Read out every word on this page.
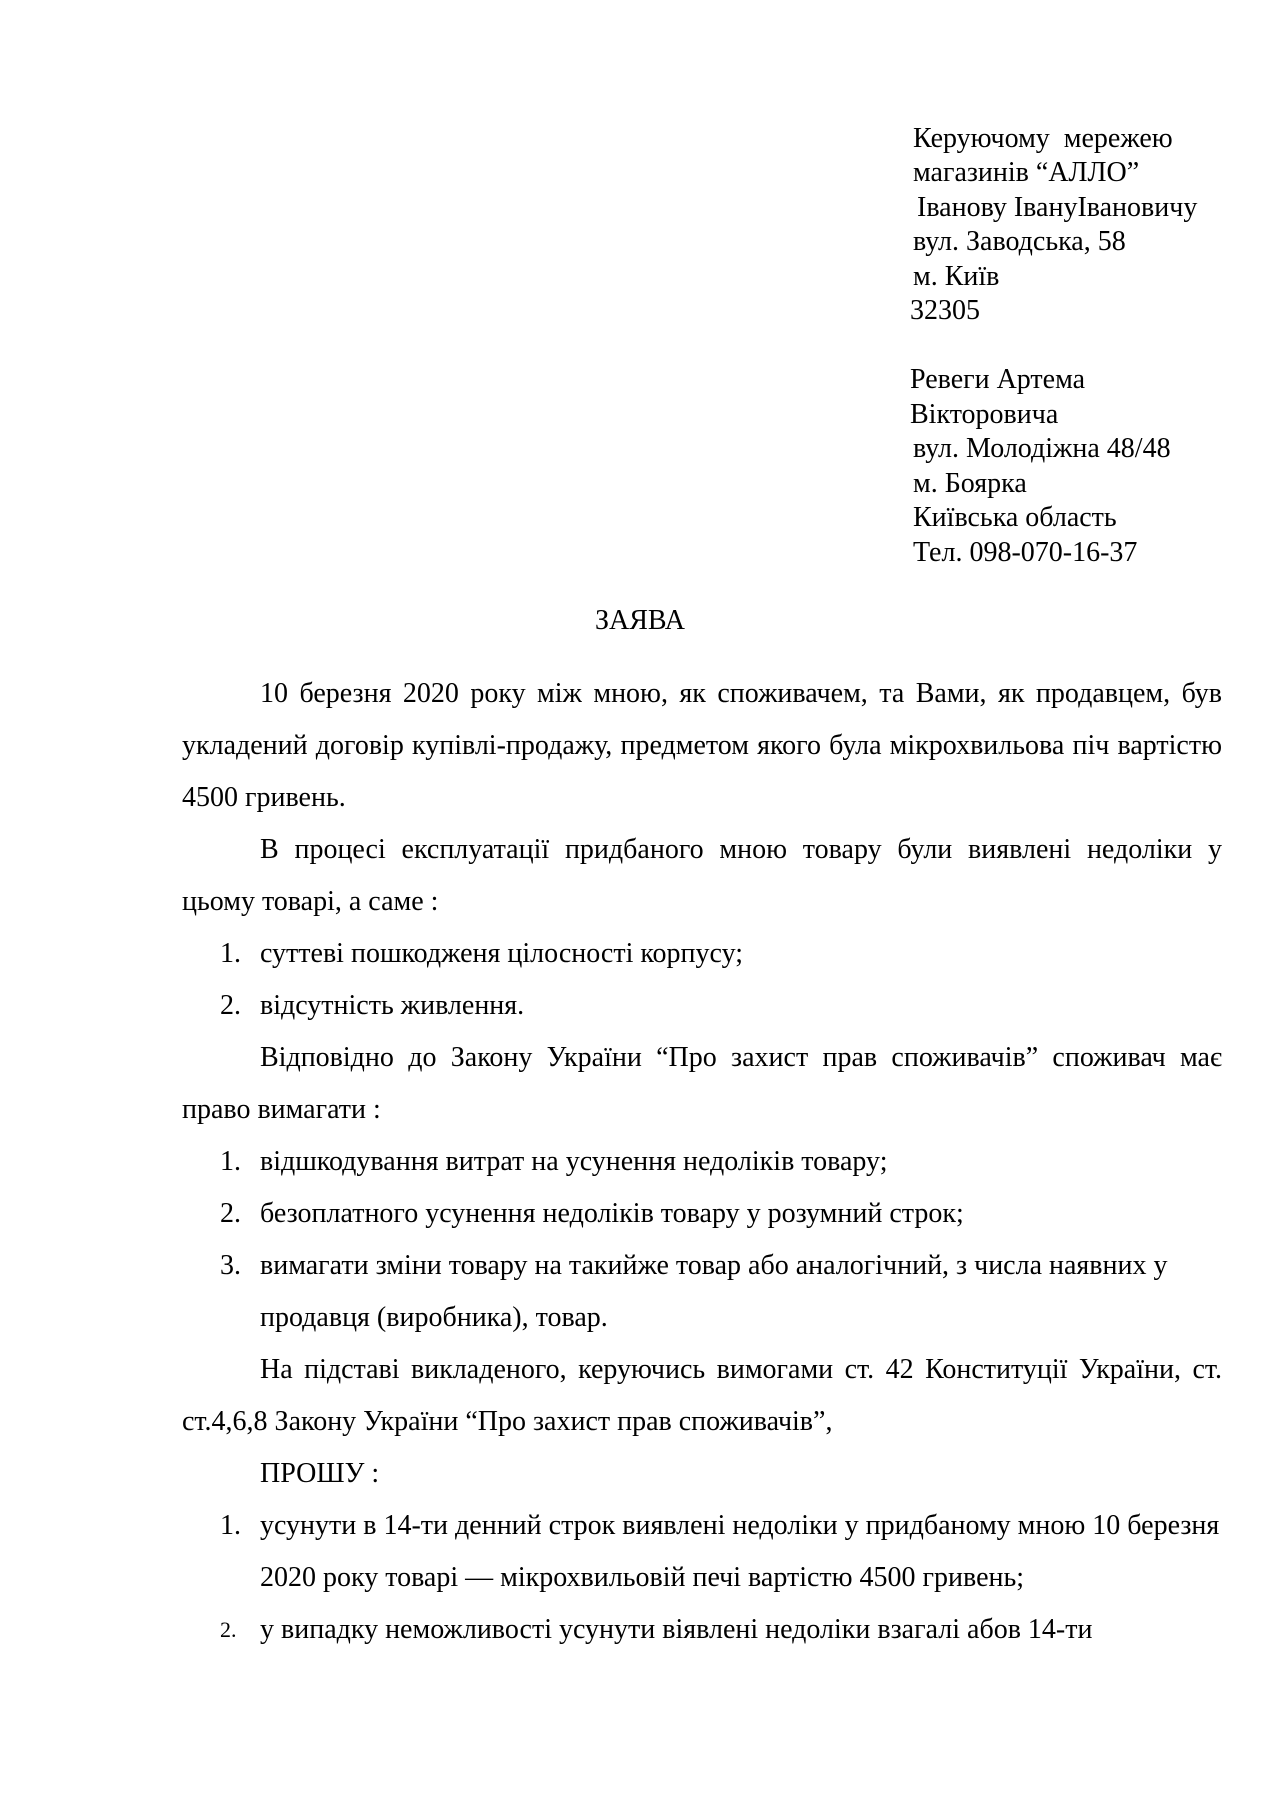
Керуючому  мережею
магазинів “АЛЛО”
Іванову ІвануІвановичу
вул. Заводська, 58
м. Київ
32305
Ревеги Артема
Вікторовича
вул. Молодіжна 48/48
м. Боярка
Київська область
Тел. 098-070-16-37
ЗАЯВА

10 березня 2020 року між мною, як споживачем, та Вами, як продавцем, був укладений договір купівлі-продажу, предметом якого була мікрохвильова піч вартістю 4500 гривень.

В процесі експлуатації придбаного мною товару були виявлені недоліки у цьому товарі, а саме :

1. суттеві пошкодженя цілосності корпусу;
2. відсутність живлення.

Відповідно до Закону України “Про захист прав споживачів” споживач має право вимагати :

1. відшкодування витрат на усунення недоліків товару;
2. безоплатного усунення недоліків товару у розумний строк;
3. вимагати зміни товару на такийже товар або аналогічний, з числа наявних у продавця (виробника), товар.

На підставі викладеного, керуючись вимогами ст. 42 Конституції України, ст. ст.4,6,8 Закону України “Про захист прав споживачів”,

ПРОШУ :

1. усунути в 14-ти денний строк виявлені недоліки у придбаному мною 10 березня 2020 року товарі — мікрохвильовій печі вартістю 4500 гривень;
2. у випадку неможливості усунути віявлені недоліки взагалі абов 14-ти
